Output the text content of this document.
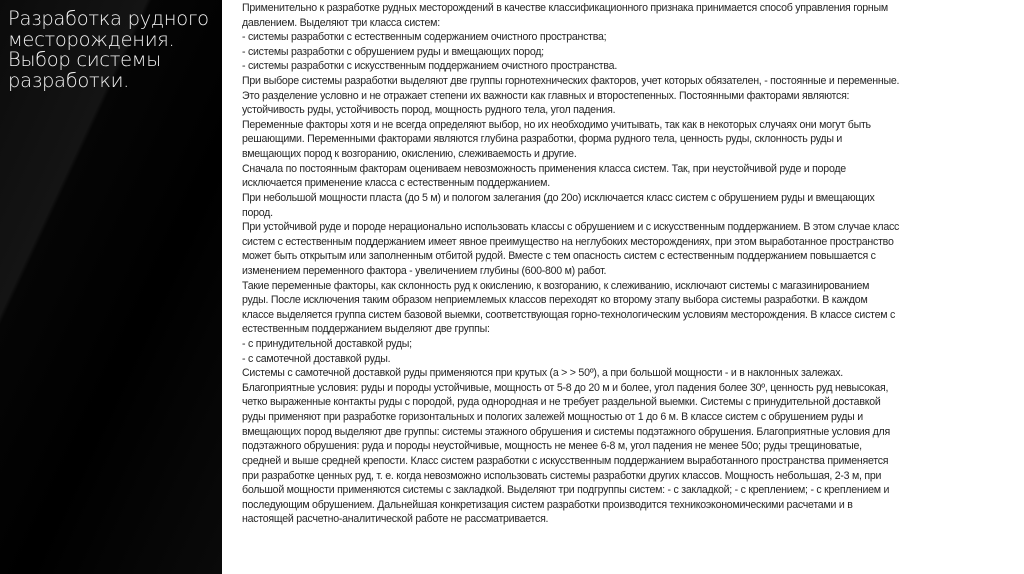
Разработка рудного
месторождения.
Выбор системы
разработки.
Применительно к разработке рудных месторождений в качестве классификационного признака принимается способ управления горным
давлением. Выделяют три класса систем:
- системы разработки с естественным содержанием очистного пространства;
- системы разработки с обрушением руды и вмещающих пород;
- системы разработки с искусственным поддержанием очистного пространства.
При выборе системы разработки выделяют две группы горнотехнических факторов, учет которых обязателен, - постоянные и переменные.
Это разделение условно и не отражает степени их важности как главных и второстепенных. Постоянными факторами являются:
устойчивость руды, устойчивость пород, мощность рудного тела, угол падения.
Переменные факторы хотя и не всегда определяют выбор, но их необходимо учитывать, так как в некоторых случаях они могут быть
решающими. Переменными факторами являются глубина разработки, форма рудного тела, ценность руды, склонность руды и
вмещающих пород к возгоранию, окислению, слеживаемость и другие.
Сначала по постоянным факторам оцениваем невозможность применения класса систем. Так, при неустойчивой руде и породе
исключается применение класса с естественным поддержанием.
При небольшой мощности пласта (до 5 м) и пологом залегания (до 20о) исключается класс систем с обрушением руды и вмещающих
пород.
При устойчивой руде и породе нерационально использовать классы с обрушением и с искусственным поддержанием. В этом случае класс
систем с естественным поддержанием имеет явное преимущество на неглубоких месторождениях, при этом выработанное пространство
может быть открытым или заполненным отбитой рудой. Вместе с тем опасность систем с естественным поддержанием повышается с
изменением переменного фактора - увеличением глубины (600-800 м) работ.
Такие переменные факторы, как склонность руд к окислению, к возгоранию, к слеживанию, исключают системы с магазинированием
руды. После исключения таким образом неприемлемых классов переходят ко второму этапу выбора системы разработки. В каждом
классе выделяется группа систем базовой выемки, соответствующая горно-технологическим условиям месторождения. В классе систем с
естественным поддержанием выделяют две группы:
- с принудительной доставкой руды;
- с самотечной доставкой руды.
Системы с самотечной доставкой руды применяются при крутых (а > > 50º), а при большой мощности - и в наклонных залежах.
Благоприятные условия: руды и породы устойчивые, мощность от 5-8 до 20 м и более, угол падения более 30º, ценность руд невысокая,
четко выраженные контакты руды с породой, руда однородная и не требует раздельной выемки. Системы с принудительной доставкой
руды применяют при разработке горизонтальных и пологих залежей мощностью от 1 до 6 м. В классе систем с обрушением руды и
вмещающих пород выделяют две группы: системы этажного обрушения и системы подэтажного обрушения. Благоприятные условия для
подэтажного обрушения: руда и породы неустойчивые, мощность не менее 6-8 м, угол падения не менее 50о; руды трещиноватые,
средней и выше средней крепости. Класс систем разработки с искусственным поддержанием выработанного пространства применяется
при разработке ценных руд, т. е. когда невозможно использовать системы разработки других классов. Мощность небольшая, 2-3 м, при
большой мощности применяются системы с закладкой. Выделяют три подгруппы систем: - с закладкой; - с креплением; - с креплением и
последующим обрушением. Дальнейшая конкретизация систем разработки производится техникоэкономическими расчетами и в
настоящей расчетно-аналитической работе не рассматривается.
